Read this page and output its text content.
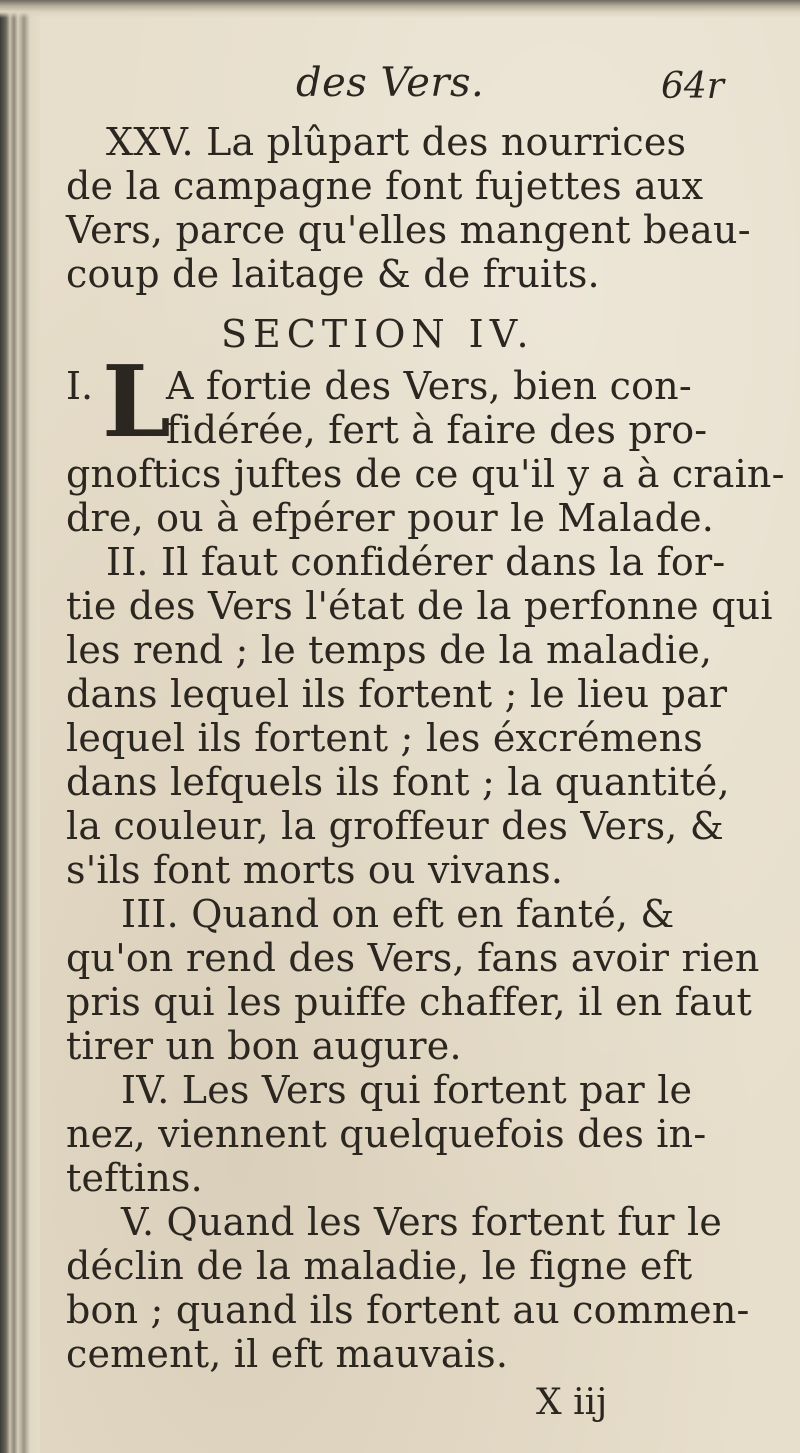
des Vers.	64r
XXV. La plûpart des nourrices
de la campagne font fujettes aux
Vers, parce qu'elles mangent beau-
coup de laitage & de fruits.
SECTION IV.
I. L
A fortie des Vers, bien con-
fidérée, fert à faire des pro-
gnoftics juftes de ce qu'il y a à crain-
dre, ou à efpérer pour le Malade.
II. Il faut confidérer dans la for-
tie des Vers l'état de la perfonne qui
les rend ; le temps de la maladie,
dans lequel ils fortent ; le lieu par
lequel ils fortent ; les éxcrémens
dans lefquels ils font ; la quantité,
la couleur, la groffeur des Vers, &
s'ils font morts ou vivans.
III. Quand on eft en fanté, &
qu'on rend des Vers, fans avoir rien
pris qui les puiffe chaffer, il en faut
tirer un bon augure.
IV. Les Vers qui fortent par le
nez, viennent quelquefois des in-
teftins.
V. Quand les Vers fortent fur le
déclin de la maladie, le figne eft
bon ; quand ils fortent au commen-
cement, il eft mauvais.
X iij
